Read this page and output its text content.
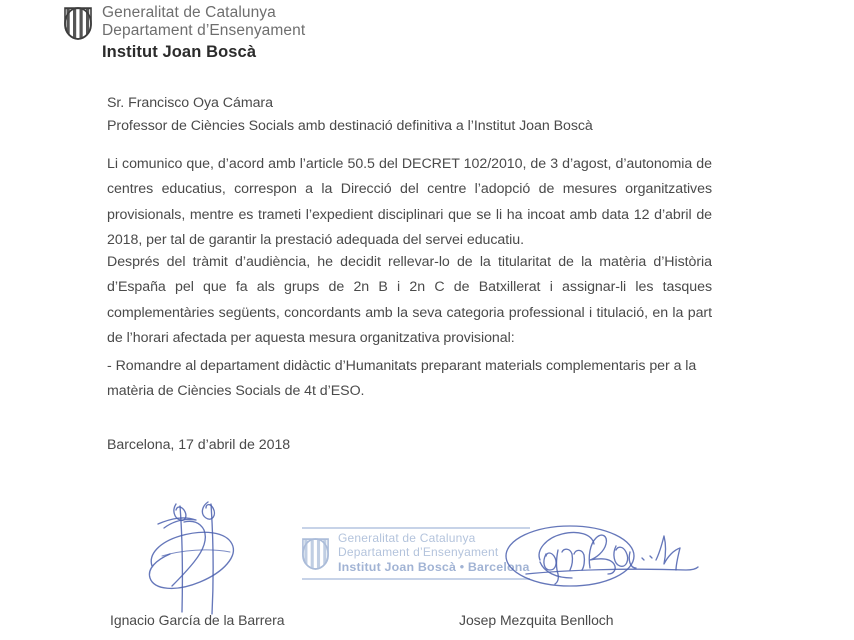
Generalitat de Catalunya
Departament d’Ensenyament
Institut Joan Boscà
Sr. Francisco Oya Cámara
Professor de Ciències Socials amb destinació definitiva a l’Institut Joan Boscà

Li comunico que, d’acord amb l’article 50.5 del DECRET 102/2010, de 3 d’agost, d’autonomia de centres educatius, correspon a la Direcció del centre l’adopció de mesures organitzatives provisionals, mentre es trameti l’expedient disciplinari que se li ha incoat amb data 12 d’abril de 2018, per tal de garantir la prestació adequada del servei educatiu.

Després del tràmit d’audiència, he decidit rellevar-lo de la titularitat de la matèria d’Història d’España pel que fa als grups de 2n B i 2n C de Batxillerat i assignar-li les tasques complementàries següents, concordants amb la seva categoria professional i titulació, en la part de l’horari afectada per aquesta mesura organitzativa provisional:

- Romandre al departament didàctic d’Humanitats preparant materials complementaris per a la matèria de Ciències Socials de 4t d’ESO.

Barcelona, 17 d’abril de 2018
Generalitat de Catalunya
Departament d’Ensenyament
Institut Joan Boscà • Barcelona
Ignacio García de la Barrera	Josep Mezquita Benlloch
